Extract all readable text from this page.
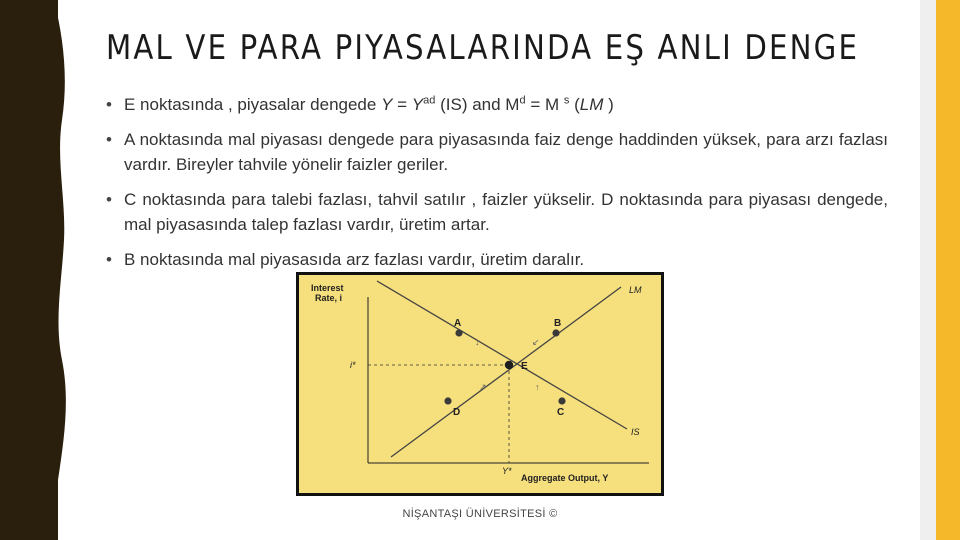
MAL VE PARA PIYASALARINDA EŞ ANLI DENGE
• E noktasında , piyasalar dengede $Y = Y^{ad}$ (IS) and $M^d = M$ $^s$ (LM )
• A noktasında mal piyasası dengede para piyasasında faiz denge haddinden yüksek, para arzı fazlası vardır. Bireyler tahvile yönelir faizler geriler.
• C noktasında para talebi fazlası, tahvil satılır , faizler yükselir. D noktasında para piyasası dengede, mal piyasasında talep fazlası vardır, üretim artar.
• B noktasında mal piyasasıda arz fazlası vardır, üretim daralır.
Interest
Rate, i
Aggregate Output, Y
i*
Y*
LM
IS
↓	↙
↗	↑
A	B
E
D	C
NİŞANTAŞI ÜNİVERSİTESİ ©
